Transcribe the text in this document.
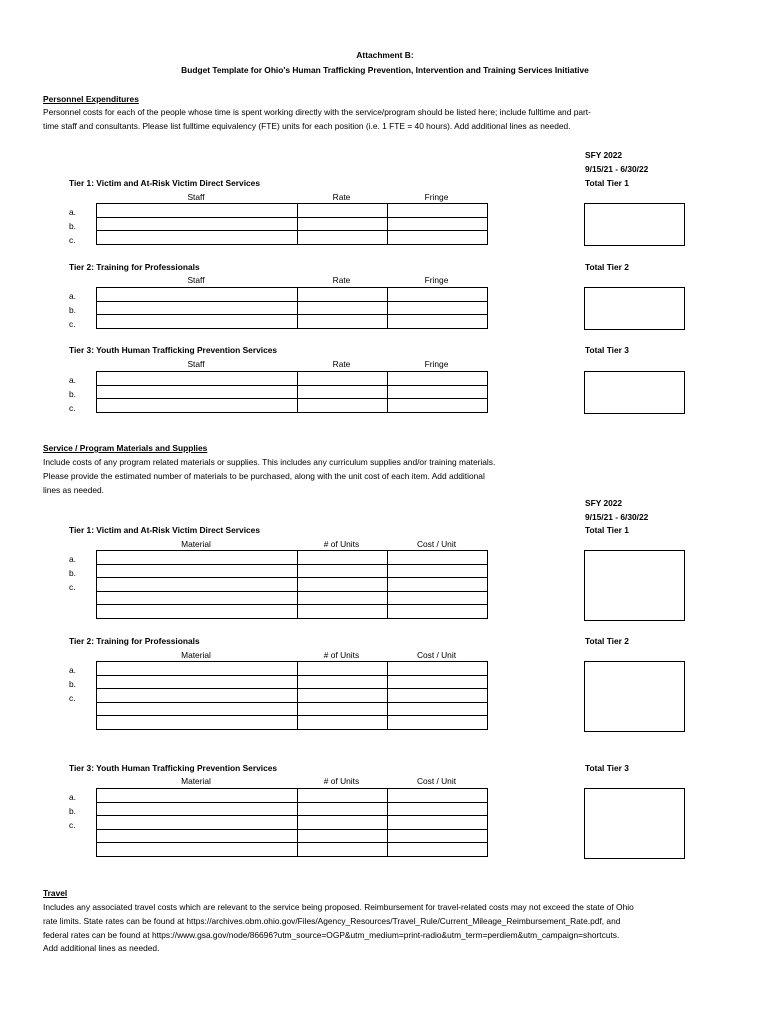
Attachment B:
Budget Template for Ohio's Human Trafficking Prevention, Intervention and Training Services Initiative
Personnel Expenditures
Personnel costs for each of the people whose time is spent working directly with the service/program should be listed here; include fulltime and part-
time staff and consultants. Please list fulltime equivalency (FTE) units for each position (i.e. 1 FTE = 40 hours). Add additional lines as needed.
SFY 2022
9/15/21 - 6/30/22
Tier 1: Victim and At-Risk Victim Direct Services	Total Tier 1
Staff	Rate	Fringe
a.
b.
c.

Tier 2: Training for Professionals	Total Tier 2
Staff	Rate	Fringe
a.
b.
c.

Tier 3: Youth Human Trafficking Prevention Services	Total Tier 3
Staff	Rate	Fringe
a.
b.
c.

Service / Program Materials and Supplies
Include costs of any program related materials or supplies. This includes any curriculum supplies and/or training materials.
Please provide the estimated number of materials to be purchased, along with the unit cost of each item. Add additional
lines as needed.
SFY 2022
9/15/21 - 6/30/22
Tier 1: Victim and At-Risk Victim Direct Services	Total Tier 1
Material	# of Units	Cost / Unit
a.
b.
c.

Tier 2: Training for Professionals	Total Tier 2
Material	# of Units	Cost / Unit
a.
b.
c.

Tier 3: Youth Human Trafficking Prevention Services	Total Tier 3
Material	# of Units	Cost / Unit
a.
b.
c.

Travel
Includes any associated travel costs which are relevant to the service being proposed. Reimbursement for travel-related costs may not exceed the state of Ohio
rate limits. State rates can be found at https://archives.obm.ohio.gov/Files/Agency_Resources/Travel_Rule/Current_Mileage_Reimbursement_Rate.pdf, and
federal rates can be found at https://www.gsa.gov/node/86696?utm_source=OGP&utm_medium=print-radio&utm_term=perdiem&utm_campaign=shortcuts.
Add additional lines as needed.
